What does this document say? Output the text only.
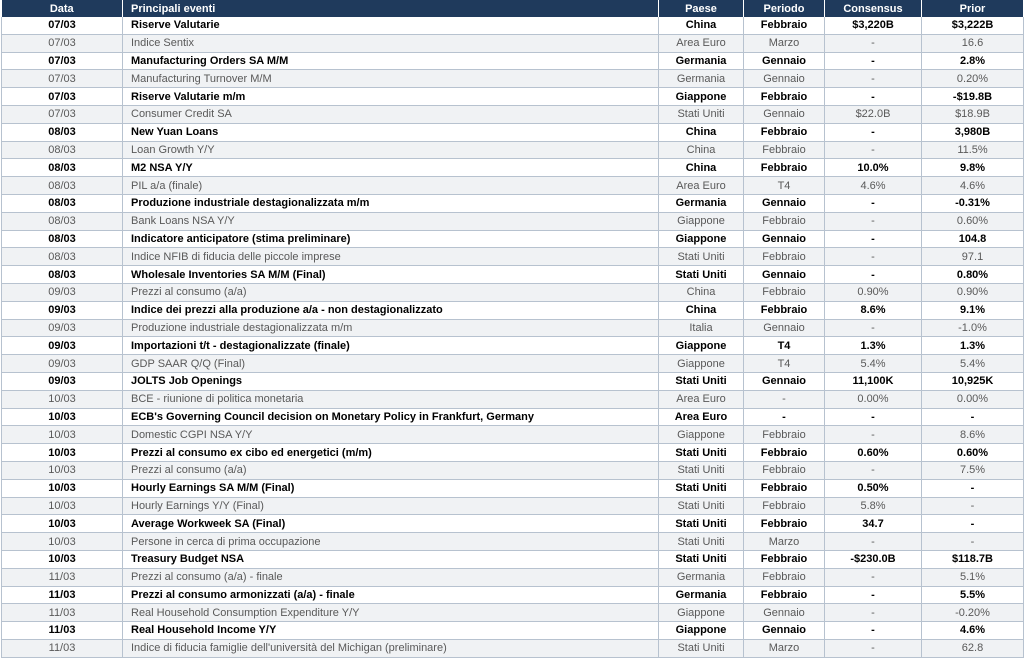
Data	Principali eventi	Paese	Periodo	Consensus	Prior
07/03	Riserve Valutarie	China	Febbraio	$3,220B	$3,222B
07/03	Indice Sentix	Area Euro	Marzo	-	16.6
07/03	Manufacturing Orders SA M/M	Germania	Gennaio	-	2.8%
07/03	Manufacturing Turnover M/M	Germania	Gennaio	-	0.20%
07/03	Riserve Valutarie m/m	Giappone	Febbraio	-	-$19.8B
07/03	Consumer Credit SA	Stati Uniti	Gennaio	$22.0B	$18.9B
08/03	New Yuan Loans	China	Febbraio	-	3,980B
08/03	Loan Growth Y/Y	China	Febbraio	-	11.5%
08/03	M2 NSA Y/Y	China	Febbraio	10.0%	9.8%
08/03	PIL a/a (finale)	Area Euro	T4	4.6%	4.6%
08/03	Produzione industriale destagionalizzata m/m	Germania	Gennaio	-	-0.31%
08/03	Bank Loans NSA Y/Y	Giappone	Febbraio	-	0.60%
08/03	Indicatore anticipatore (stima preliminare)	Giappone	Gennaio	-	104.8
08/03	Indice NFIB di fiducia delle piccole imprese	Stati Uniti	Febbraio	-	97.1
08/03	Wholesale Inventories SA M/M (Final)	Stati Uniti	Gennaio	-	0.80%
09/03	Prezzi al consumo (a/a)	China	Febbraio	0.90%	0.90%
09/03	Indice dei prezzi alla produzione a/a - non destagionalizzato	China	Febbraio	8.6%	9.1%
09/03	Produzione industriale destagionalizzata m/m	Italia	Gennaio	-	-1.0%
09/03	Importazioni t/t - destagionalizzate (finale)	Giappone	T4	1.3%	1.3%
09/03	GDP SAAR Q/Q (Final)	Giappone	T4	5.4%	5.4%
09/03	JOLTS Job Openings	Stati Uniti	Gennaio	11,100K	10,925K
10/03	BCE - riunione di politica monetaria	Area Euro	-	0.00%	0.00%
10/03	ECB's Governing Council decision on Monetary Policy in Frankfurt, Germany	Area Euro	-	-	-
10/03	Domestic CGPI NSA Y/Y	Giappone	Febbraio	-	8.6%
10/03	Prezzi al consumo ex cibo ed energetici (m/m)	Stati Uniti	Febbraio	0.60%	0.60%
10/03	Prezzi al consumo (a/a)	Stati Uniti	Febbraio	-	7.5%
10/03	Hourly Earnings SA M/M (Final)	Stati Uniti	Febbraio	0.50%	-
10/03	Hourly Earnings Y/Y (Final)	Stati Uniti	Febbraio	5.8%	-
10/03	Average Workweek SA (Final)	Stati Uniti	Febbraio	34.7	-
10/03	Persone in cerca di prima occupazione	Stati Uniti	Marzo	-	-
10/03	Treasury Budget NSA	Stati Uniti	Febbraio	-$230.0B	$118.7B
11/03	Prezzi al consumo (a/a) - finale	Germania	Febbraio	-	5.1%
11/03	Prezzi al consumo armonizzati (a/a) - finale	Germania	Febbraio	-	5.5%
11/03	Real Household Consumption Expenditure Y/Y	Giappone	Gennaio	-	-0.20%
11/03	Real Household Income Y/Y	Giappone	Gennaio	-	4.6%
11/03	Indice di fiducia famiglie dell'università del Michigan (preliminare)	Stati Uniti	Marzo	-	62.8
